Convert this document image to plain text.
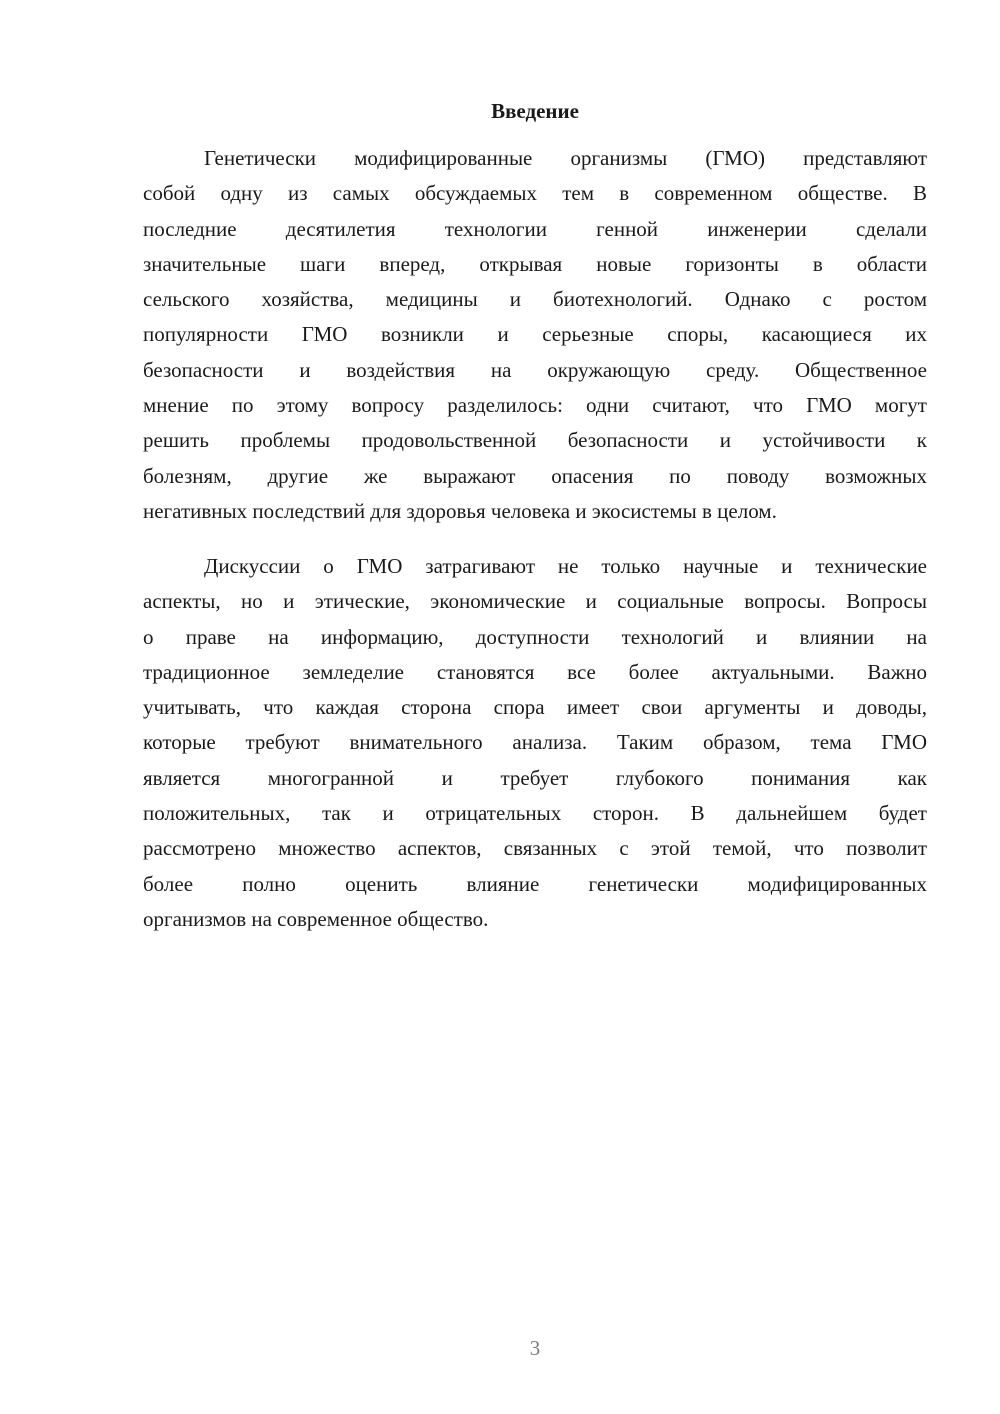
Введение
Генетически модифицированные организмы (ГМО) представляют
собой одну из самых обсуждаемых тем в современном обществе. В
последние десятилетия технологии генной инженерии сделали
значительные шаги вперед, открывая новые горизонты в области
сельского хозяйства, медицины и биотехнологий. Однако с ростом
популярности ГМО возникли и серьезные споры, касающиеся их
безопасности и воздействия на окружающую среду. Общественное
мнение по этому вопросу разделилось: одни считают, что ГМО могут
решить проблемы продовольственной безопасности и устойчивости к
болезням, другие же выражают опасения по поводу возможных
негативных последствий для здоровья человека и экосистемы в целом.
Дискуссии о ГМО затрагивают не только научные и технические
аспекты, но и этические, экономические и социальные вопросы. Вопросы
о праве на информацию, доступности технологий и влиянии на
традиционное земледелие становятся все более актуальными. Важно
учитывать, что каждая сторона спора имеет свои аргументы и доводы,
которые требуют внимательного анализа. Таким образом, тема ГМО
является многогранной и требует глубокого понимания как
положительных, так и отрицательных сторон. В дальнейшем будет
рассмотрено множество аспектов, связанных с этой темой, что позволит
более полно оценить влияние генетически модифицированных
организмов на современное общество.
3
